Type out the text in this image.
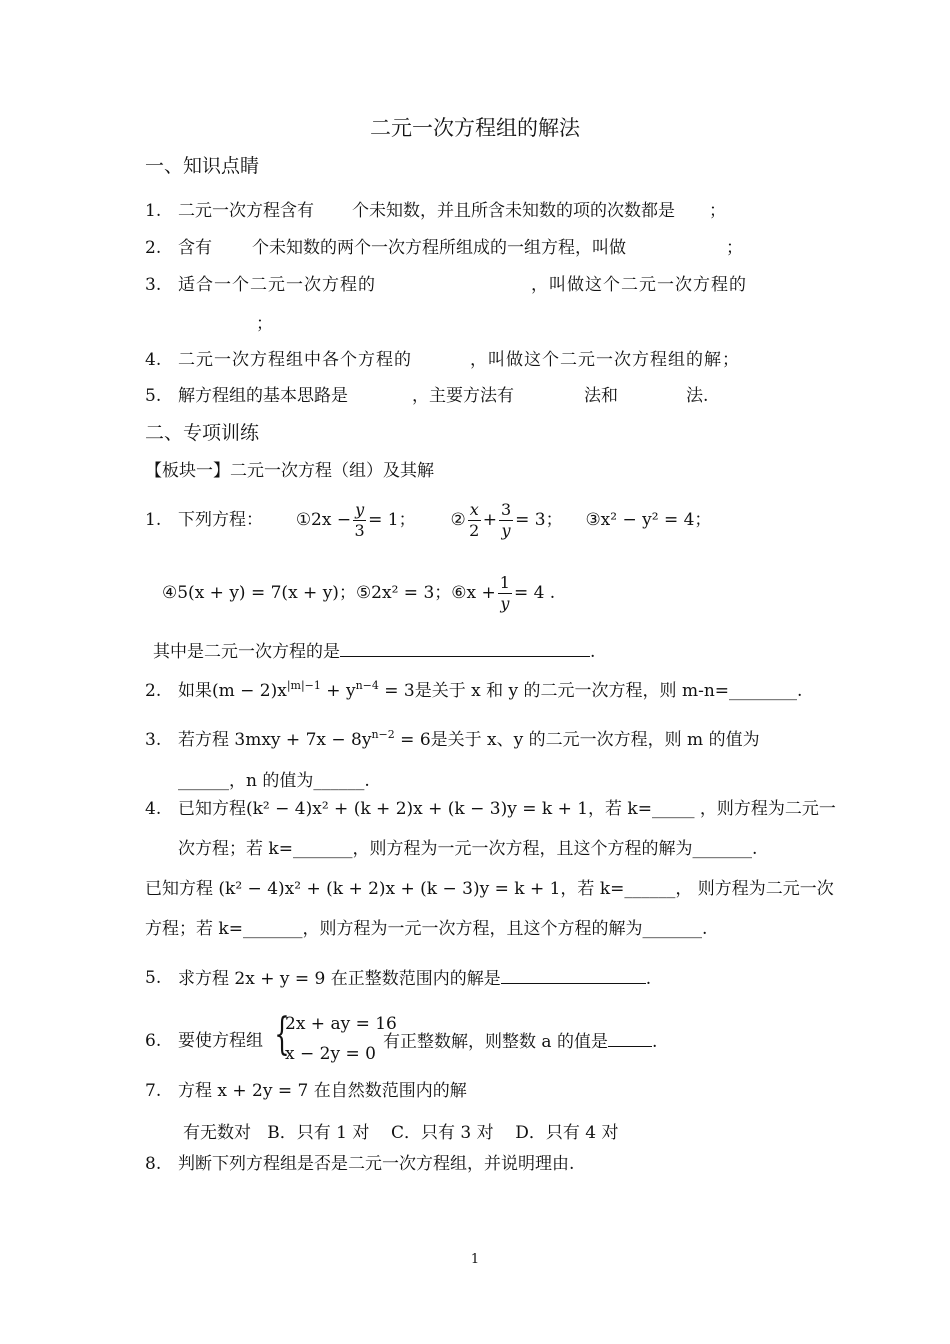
二元一次方程组的解法
一、知识点睛
1. 二元一次方程含有 个未知数，并且所含未知数的项的次数都是 ；
2. 含有 个未知数的两个一次方程所组成的一组方程，叫做	；
3. 适合一个二元一次方程的	，叫做这个二元一次方程的
；
4. 二元一次方程组中各个方程的	，叫做这个二元一次方程组的解；
5. 解方程组的基本思路是	，主要方法有	法和	法.
二、专项训练
【板块一】二元一次方程（组）及其解
1. 下列方程： ①2x − $\frac{y}{3} = 1$； ② $\frac{x}{2} + \frac{3}{y} = 3$； ③x² − y² = 4；
④5(x + y) = 7(x + y)；⑤2x² = 3；⑥x + $\frac{1}{y} = 4$ .
其中是二元一次方程的是	.
2. 如果$(m - 2)x^{|m|-1} + y^{n-4} = 3$是关于 x 和 y 的二元一次方程，则 m-n=________.
3. 若方程 $3mxy + 7x - 8y^{n-2} = 6$是关于 x、y 的二元一次方程，则 m 的值为
______，n 的值为______.
4. 已知方程(k² − 4)x² + (k + 2)x + (k − 3)y = k + 1，若 k=_____ ，则方程为二元一
次方程；若 k=_______，则方程为一元一次方程，且这个方程的解为_______.
已知方程 (k² − 4)x² + (k + 2)x + (k − 3)y = k + 1，若 k=______， 则方程为二元一次
方程；若 k=_______，则方程为一元一次方程，且这个方程的解为_______.
5. 求方程 2x + y = 9 在正整数范围内的解是	.
6. 要使方程组 {
2x + ay = 16
x − 2y = 0
有正整数解，则整数 a 的值是	.
7. 方程 x + 2y = 7 在自然数范围内的解
有无数对   B．只有 1 对    C．只有 3 对    D．只有 4 对
8. 判断下列方程组是否是二元一次方程组，并说明理由.
1
